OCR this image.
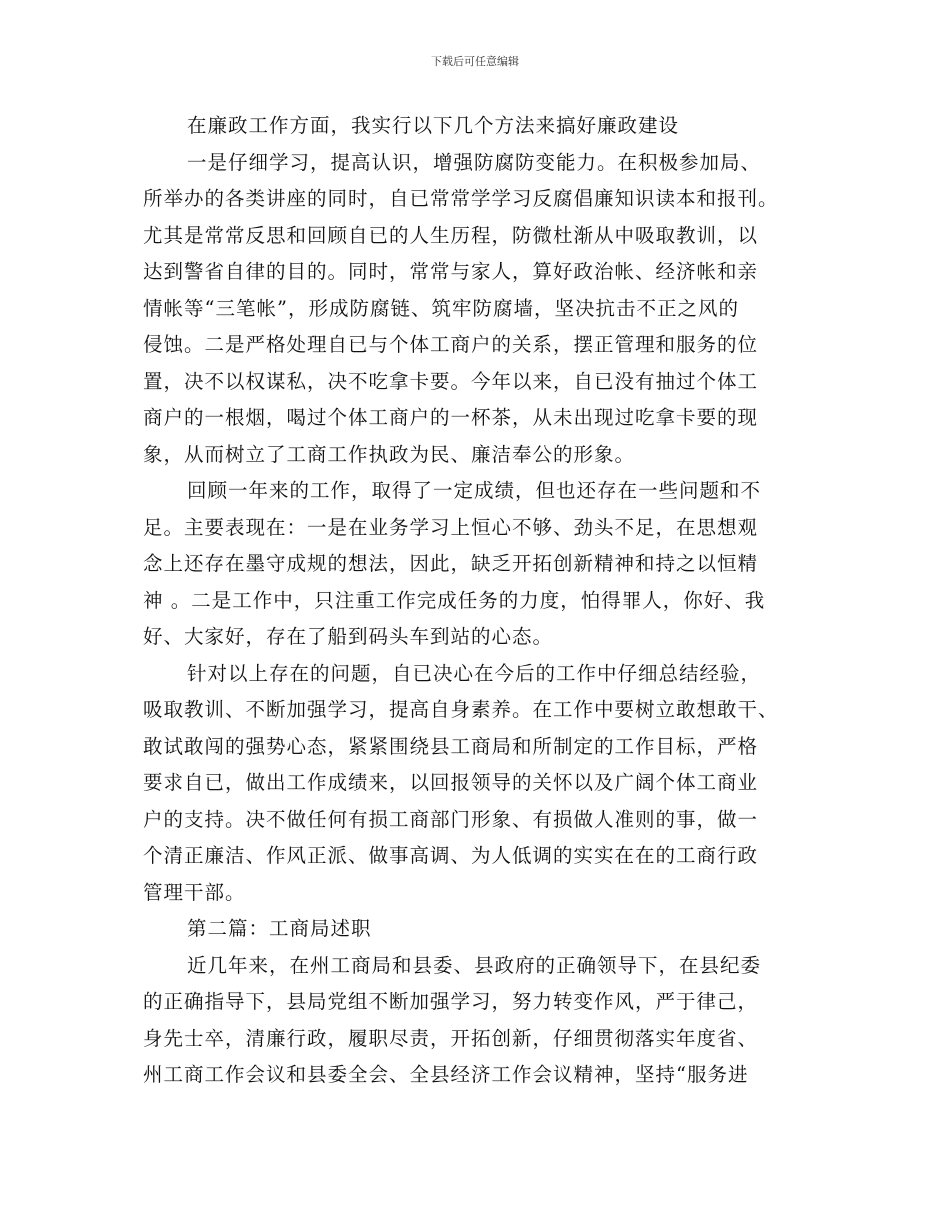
下载后可任意编辑
在廉政工作方面，我实行以下几个方法来搞好廉政建设
一是仔细学习，提高认识，增强防腐防变能力。在积极参加局、
所举办的各类讲座的同时，自已常常学学习反腐倡廉知识读本和报刊。
尤其是常常反思和回顾自已的人生历程，防微杜渐从中吸取教训，以
达到警省自律的目的。同时，常常与家人，算好政治帐、经济帐和亲
情帐等“三笔帐”，形成防腐链、筑牢防腐墙，坚决抗击不正之风的
侵蚀。二是严格处理自已与个体工商户的关系，摆正管理和服务的位
置，决不以权谋私，决不吃拿卡要。今年以来，自已没有抽过个体工
商户的一根烟，喝过个体工商户的一杯茶，从未出现过吃拿卡要的现
象，从而树立了工商工作执政为民、廉洁奉公的形象。
回顾一年来的工作，取得了一定成绩，但也还存在一些问题和不
足。主要表现在：一是在业务学习上恒心不够、劲头不足，在思想观
念上还存在墨守成规的想法，因此，缺乏开拓创新精神和持之以恒精
神 。二是工作中，只注重工作完成任务的力度，怕得罪人，你好、我
好、大家好，存在了船到码头车到站的心态。
针对以上存在的问题，自已决心在今后的工作中仔细总结经验，
吸取教训、不断加强学习，提高自身素养。在工作中要树立敢想敢干、
敢试敢闯的强势心态，紧紧围绕县工商局和所制定的工作目标，严格
要求自已，做出工作成绩来，以回报领导的关怀以及广阔个体工商业
户的支持。决不做任何有损工商部门形象、有损做人准则的事，做一
个清正廉洁、作风正派、做事高调、为人低调的实实在在的工商行政
管理干部。
第二篇：工商局述职
近几年来，在州工商局和县委、县政府的正确领导下，在县纪委
的正确指导下，县局党组不断加强学习，努力转变作风，严于律己，
身先士卒，清廉行政，履职尽责，开拓创新，仔细贯彻落实年度省、
州工商工作会议和县委全会、全县经济工作会议精神，坚持“服务进
